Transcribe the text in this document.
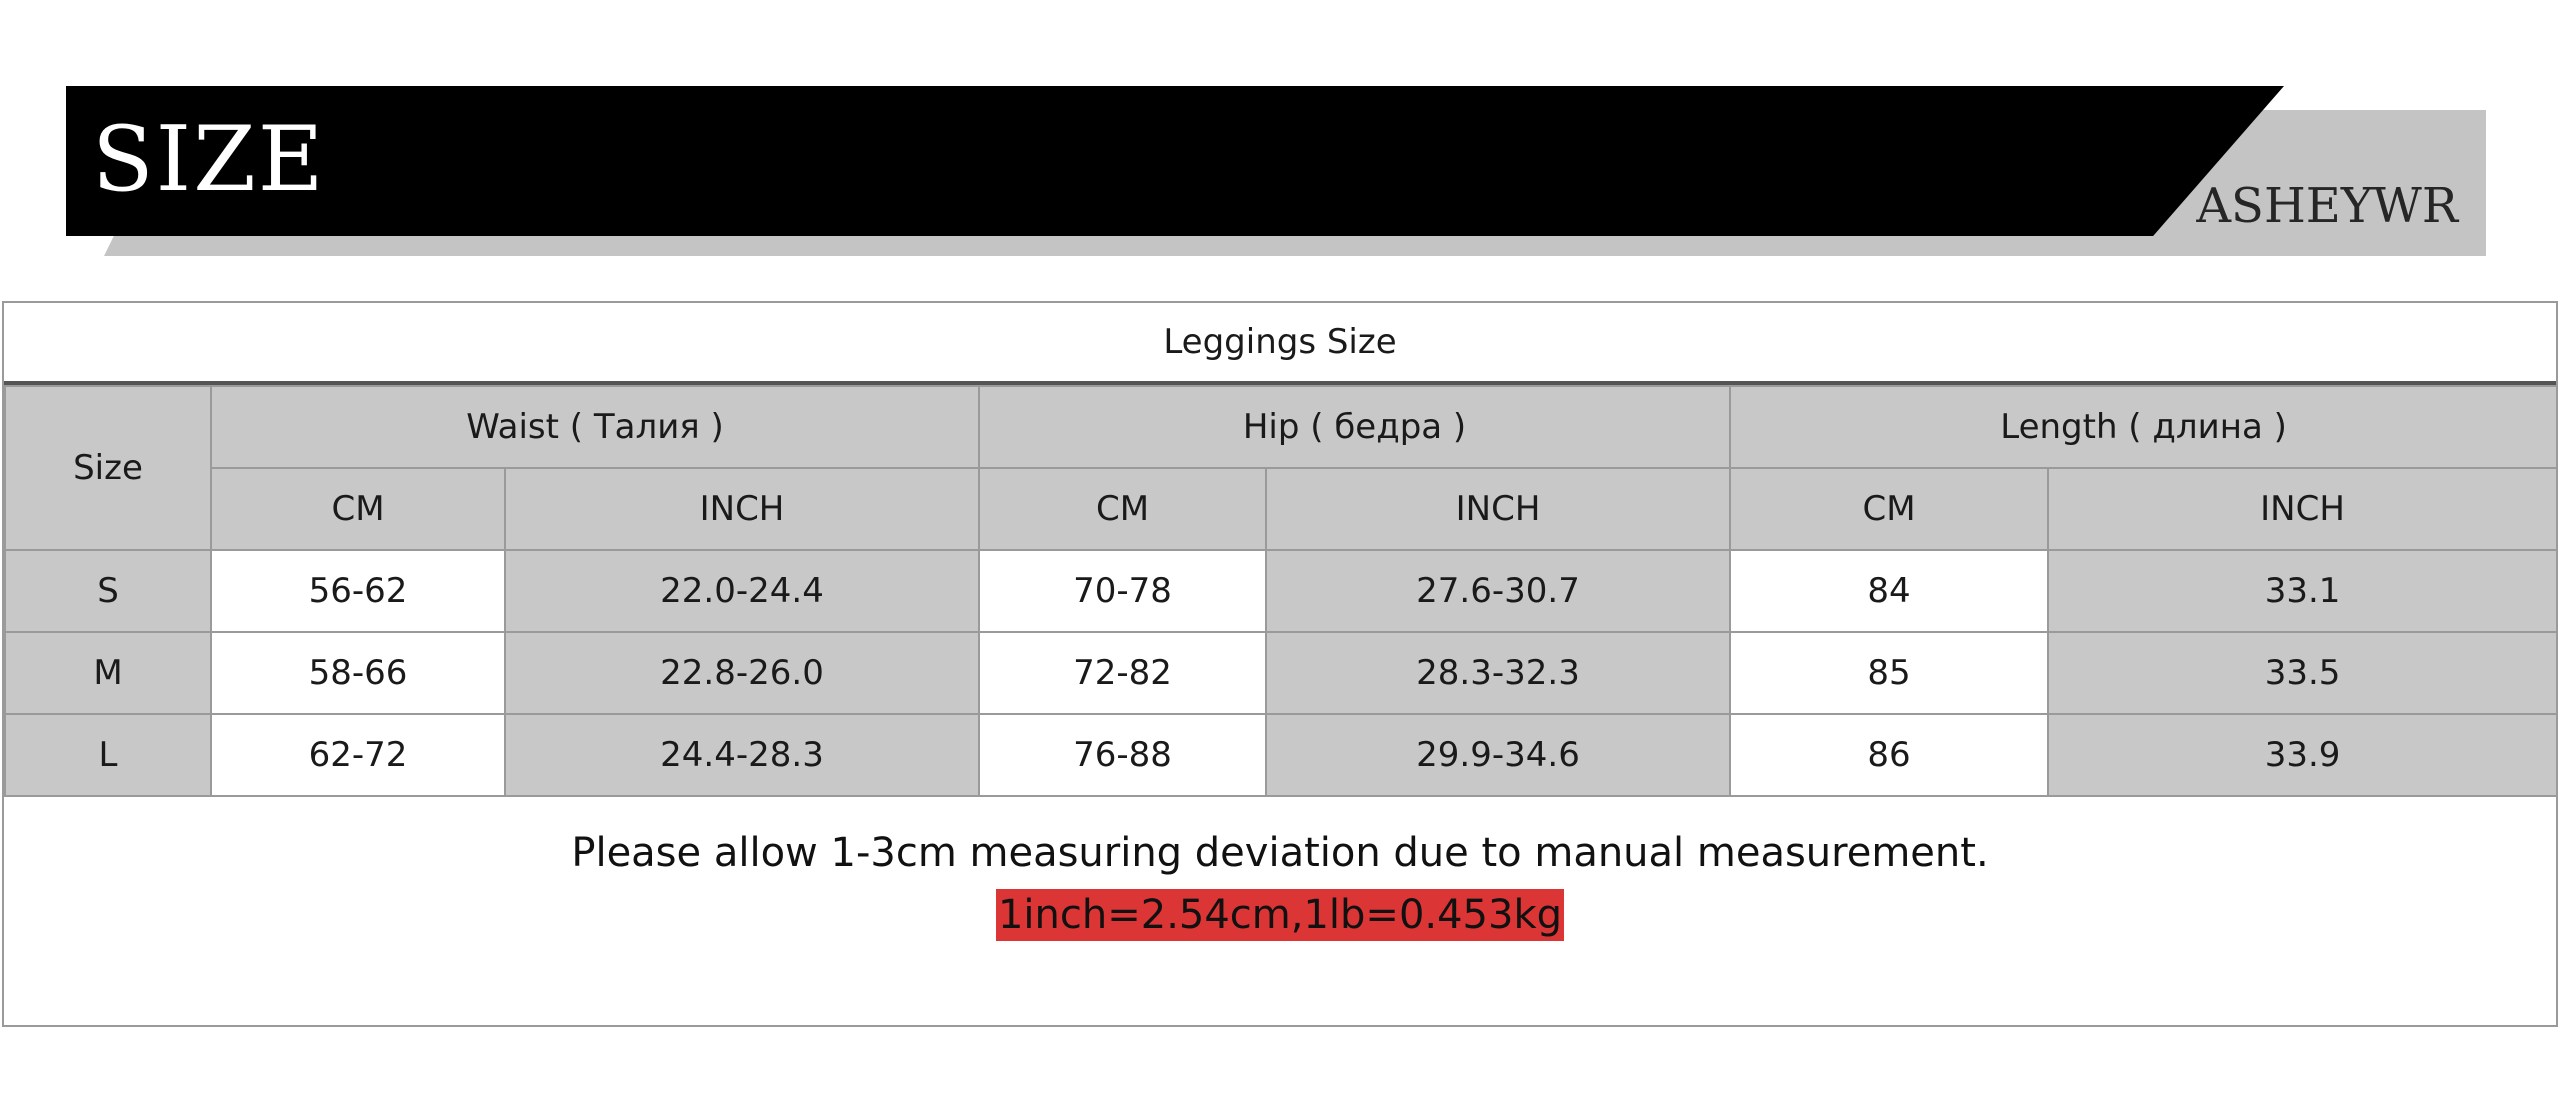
SIZE	ASHEYWR
Leggings Size
Size	Waist ( Талия )		Hip ( бедра )		Length ( длина )	
	CM	INCH	CM	INCH	CM	INCH
S	56-62	22.0-24.4	70-78	27.6-30.7	84	33.1
M	58-66	22.8-26.0	72-82	28.3-32.3	85	33.5
L	62-72	24.4-28.3	76-88	29.9-34.6	86	33.9
Please allow 1-3cm measuring deviation due to manual measurement.
1inch=2.54cm,1lb=0.453kg
